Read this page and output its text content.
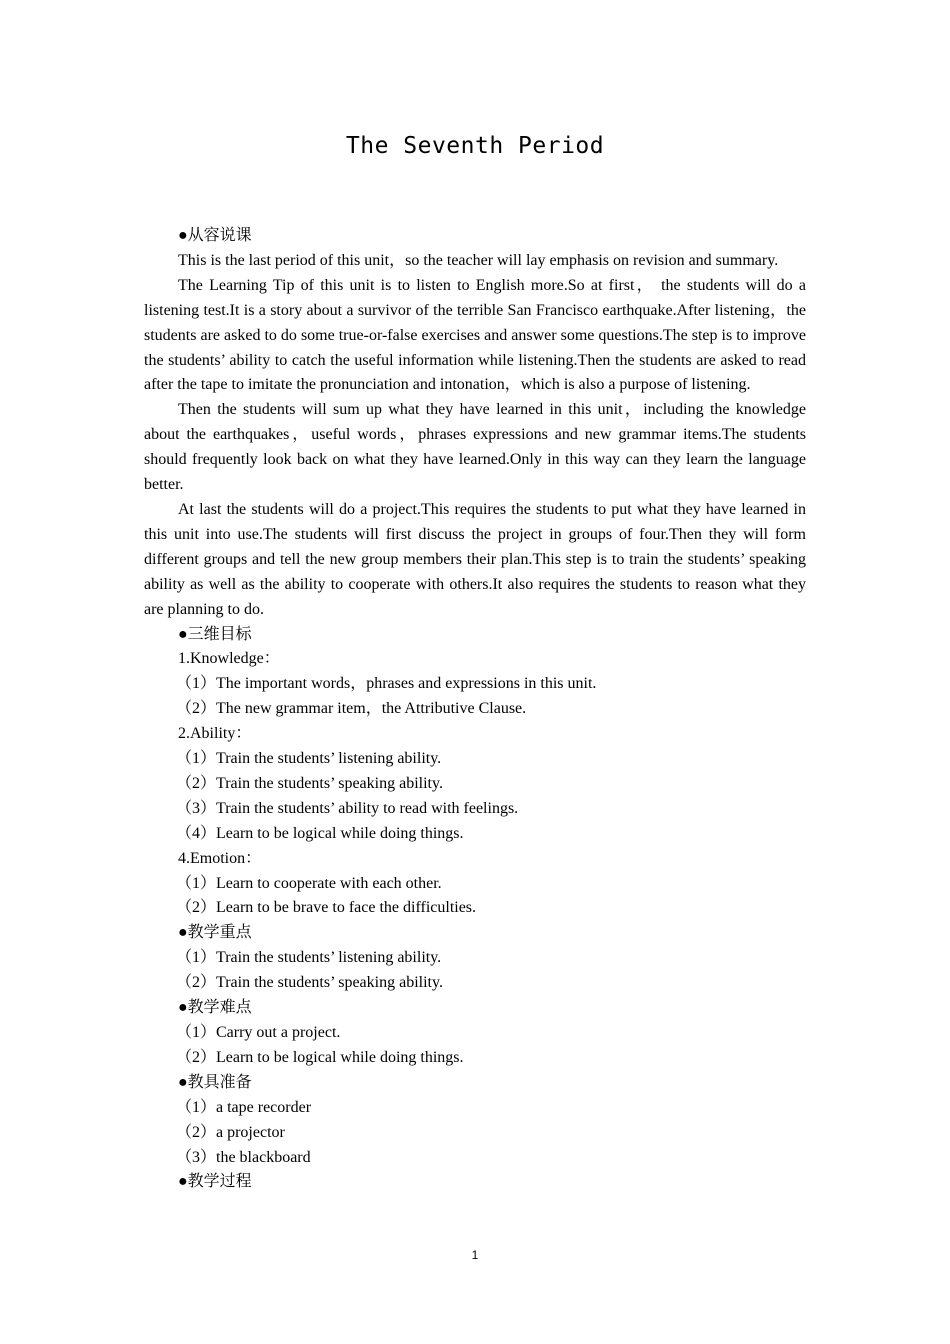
The Seventh Period

●从容说课

This is the last period of this unit，so the teacher will lay emphasis on revision and summary.

The Learning Tip of this unit is to listen to English more.So at first， the students will do a listening test.It is a story about a survivor of the terrible San Francisco earthquake.After listening，the students are asked to do some true-or-false exercises and answer some questions.The step is to improve the students’ ability to catch the useful information while listening.Then the students are asked to read after the tape to imitate the pronunciation and intonation，which is also a purpose of listening.

Then the students will sum up what they have learned in this unit，including the knowledge about the earthquakes，useful words，phrases expressions and new grammar items.The students should frequently look back on what they have learned.Only in this way can they learn the language better.

At last the students will do a project.This requires the students to put what they have learned in this unit into use.The students will first discuss the project in groups of four.Then they will form different groups and tell the new group members their plan.This step is to train the students’ speaking ability as well as the ability to cooperate with others.It also requires the students to reason what they are planning to do.

●三维目标

1.Knowledge：

（1）The important words，phrases and expressions in this unit.

（2）The new grammar item，the Attributive Clause.

2.Ability：

（1）Train the students’ listening ability.

（2）Train the students’ speaking ability.

（3）Train the students’ ability to read with feelings.

（4）Learn to be logical while doing things.

4.Emotion：

（1）Learn to cooperate with each other.

（2）Learn to be brave to face the difficulties.

●教学重点

（1）Train the students’ listening ability.

（2）Train the students’ speaking ability.

●教学难点

（1）Carry out a project.

（2）Learn to be logical while doing things.

●教具准备

（1）a tape recorder

（2）a projector

（3）the blackboard

●教学过程

1
